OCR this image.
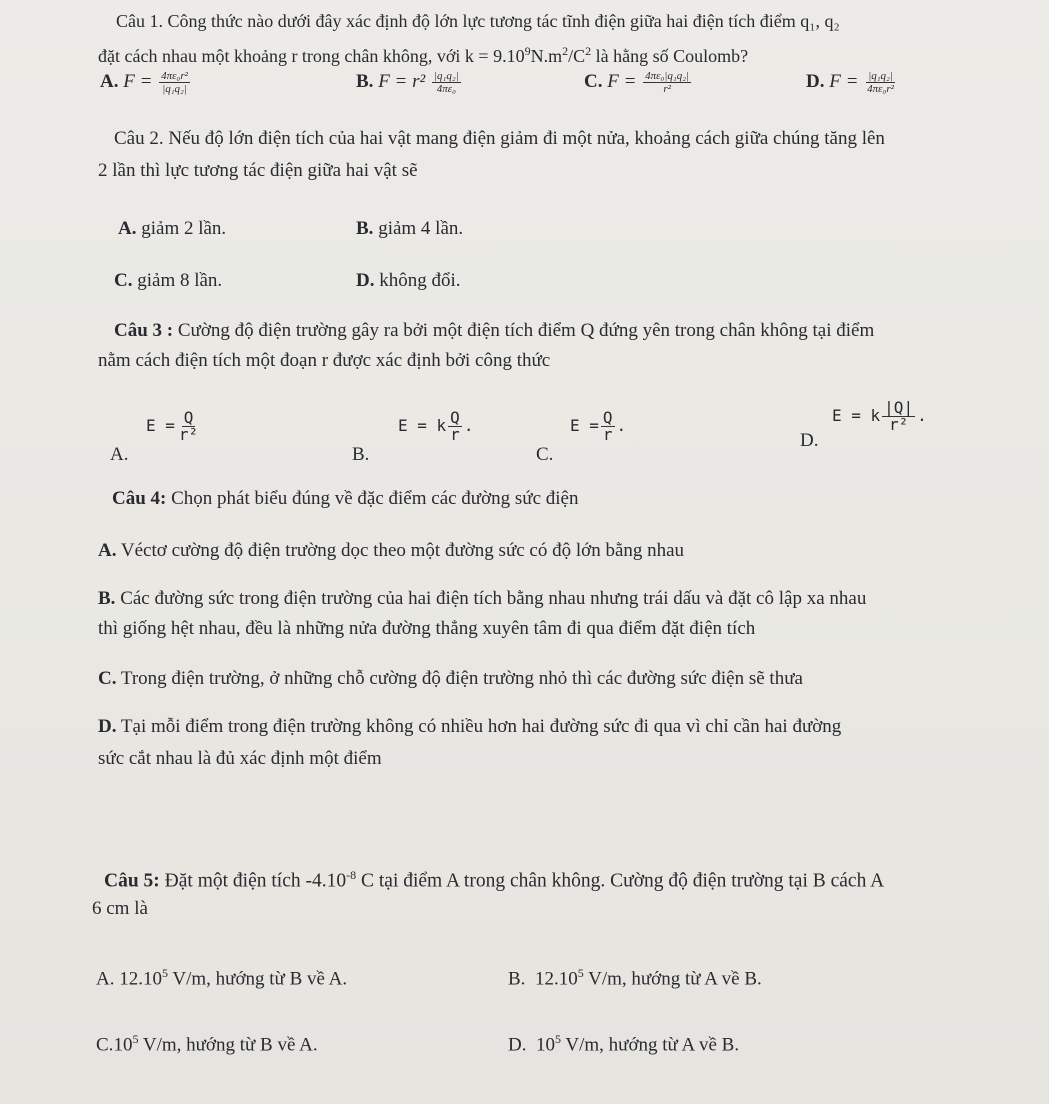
Câu 1. Công thức nào dưới đây xác định độ lớn lực tương tác tĩnh điện giữa hai điện tích điểm q₁, q₂
đặt cách nhau một khoảng r trong chân không, với $k = 9.10^9N.m^2/C^2$ là hằng số Coulomb?
A. $F = \frac{\text{4πε₀r²}}{\text{|q₁q₂|}}$	B. $F = r^2 \frac{\text{|q₁q₂|}}{\text{4πε₀}}$	C. $F = \frac{\text{4πε₀|q₁q₂|}}{\text{r²}}$	D. $F = \frac{\text{|q₁q₂|}}{\text{4πε₀r²}}$
Câu 2. Nếu độ lớn điện tích của hai vật mang điện giảm đi một nửa, khoảng cách giữa chúng tăng lên
2 lần thì lực tương tác điện giữa hai vật sẽ
A. giảm 2 lần.	B. giảm 4 lần.
C. giảm 8 lần.	D. không đổi.
Câu 3 : Cường độ điện trường gây ra bởi một điện tích điểm Q đứng yên trong chân không tại điểm
nằm cách điện tích một đoạn r được xác định bởi công thức
A.
$E = \frac{Q}{\text{r²}}$
B.
E = k $\frac{Q}{r}$ .
C.
$E = \frac{Q}{r}$ .
D.
E = k $\frac{|Q|}{\text{r²}}$ .
Câu 4: Chọn phát biểu đúng về đặc điểm các đường sức điện
A. Véctơ cường độ điện trường dọc theo một đường sức có độ lớn bằng nhau
B. Các đường sức trong điện trường của hai điện tích bằng nhau nhưng trái dấu và đặt cô lập xa nhau
thì giống hệt nhau, đều là những nửa đường thẳng xuyên tâm đi qua điểm đặt điện tích
C. Trong điện trường, ở những chỗ cường độ điện trường nhỏ thì các đường sức điện sẽ thưa
D. Tại mỗi điểm trong điện trường không có nhiều hơn hai đường sức đi qua vì chỉ cần hai đường
sức cắt nhau là đủ xác định một điểm
Câu 5: Đặt một điện tích $-4.10^{-8}$ C tại điểm A trong chân không. Cường độ điện trường tại B cách A
6 cm là
A. 12.10$^5$ V/m, hướng từ B về A.	B. 12.10$^5$ V/m, hướng từ A về B.
$C.10^5$ V/m, hướng từ B về A.	D. $10^5$ V/m, hướng từ A về B.
